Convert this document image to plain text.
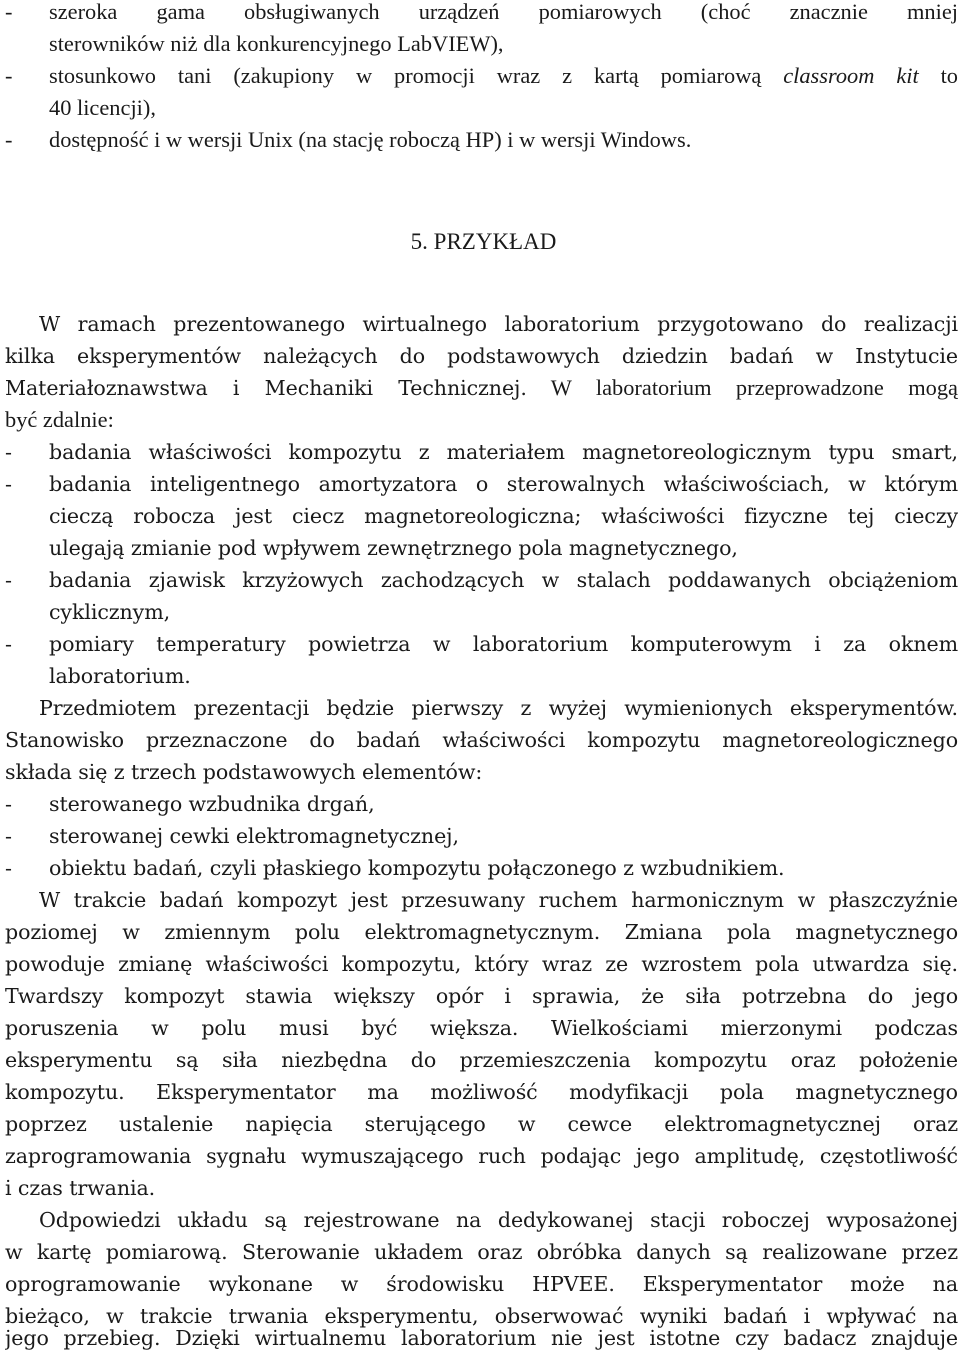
- szeroka gama obsługiwanych urządzeń pomiarowych (choć znacznie mniej
sterowników niż dla konkurencyjnego LabVIEW),
- stosunkowo tani (zakupiony w promocji wraz z kartą pomiarową classroom kit to
40 licencji),
- dostępność i w wersji Unix (na stację roboczą HP) i w wersji Windows.
5. PRZYKŁAD
W ramach prezentowanego wirtualnego laboratorium przygotowano do realizacji
kilka eksperymentów należących do podstawowych dziedzin badań w Instytucie
Materiałoznawstwa i Mechaniki Technicznej. W laboratorium przeprowadzone mogą
być zdalnie:
- badania właściwości kompozytu z materiałem magnetoreologicznym typu smart,
- badania inteligentnego amortyzatora o sterowalnych właściwościach, w którym
cieczą robocza jest ciecz magnetoreologiczna; właściwości fizyczne tej cieczy
ulegają zmianie pod wpływem zewnętrznego pola magnetycznego,
- badania zjawisk krzyżowych zachodzących w stalach poddawanych obciążeniom
cyklicznym,
- pomiary temperatury powietrza w laboratorium komputerowym i za oknem
laboratorium.
Przedmiotem prezentacji będzie pierwszy z wyżej wymienionych eksperymentów.
Stanowisko przeznaczone do badań właściwości kompozytu magnetoreologicznego
składa się z trzech podstawowych elementów:
- sterowanego wzbudnika drgań,
- sterowanej cewki elektromagnetycznej,
- obiektu badań, czyli płaskiego kompozytu połączonego z wzbudnikiem.
W trakcie badań kompozyt jest przesuwany ruchem harmonicznym w płaszczyźnie
poziomej w zmiennym polu elektromagnetycznym. Zmiana pola magnetycznego
powoduje zmianę właściwości kompozytu, który wraz ze wzrostem pola utwardza się.
Twardszy kompozyt stawia większy opór i sprawia, że siła potrzebna do jego
poruszenia w polu musi być większa. Wielkościami mierzonymi podczas
eksperymentu są siła niezbędna do przemieszczenia kompozytu oraz położenie
kompozytu. Eksperymentator ma możliwość modyfikacji pola magnetycznego
poprzez ustalenie napięcia sterującego w cewce elektromagnetycznej oraz
zaprogramowania sygnału wymuszającego ruch podając jego amplitudę, częstotliwość
i czas trwania.
Odpowiedzi układu są rejestrowane na dedykowanej stacji roboczej wyposażonej
w kartę pomiarową. Sterowanie układem oraz obróbka danych są realizowane przez
oprogramowanie wykonane w środowisku HPVEE. Eksperymentator może na
bieżąco, w trakcie trwania eksperymentu, obserwować wyniki badań i wpływać na
jego przebieg. Dzięki wirtualnemu laboratorium nie jest istotne czy badacz znajduje
